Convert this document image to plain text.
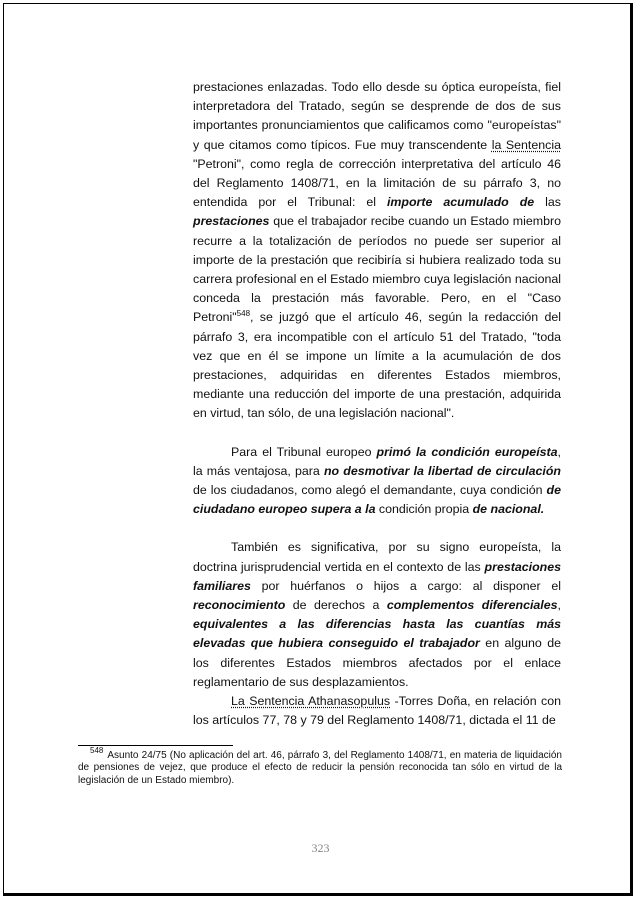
prestaciones enlazadas. Todo ello desde su óptica europeísta, fiel interpretadora del Tratado, según se desprende de dos de sus importantes pronunciamientos que calificamos como "europeístas" y que citamos como típicos. Fue muy transcendente la Sentencia "Petroni", como regla de corrección interpretativa del artículo 46 del Reglamento 1408/71, en la limitación de su párrafo 3, no entendida por el Tribunal: el importe acumulado de las prestaciones que el trabajador recibe cuando un Estado miembro recurre a la totalización de períodos no puede ser superior al importe de la prestación que recibiría si hubiera realizado toda su carrera profesional en el Estado miembro cuya legislación nacional conceda la prestación más favorable. Pero, en el "Caso Petroni"$^{548}$, se juzgó que el artículo 46, según la redacción del párrafo 3, era incompatible con el artículo 51 del Tratado, "toda vez que en él se impone un límite a la acumulación de dos prestaciones, adquiridas en diferentes Estados miembros, mediante una reducción del importe de una prestación, adquirida en virtud, tan sólo, de una legislación nacional".

Para el Tribunal europeo primó la condición europeísta, la más ventajosa, para no desmotivar la libertad de circulación de los ciudadanos, como alegó el demandante, cuya condición de ciudadano europeo supera a la condición propia de nacional.

También es significativa, por su signo europeísta, la doctrina jurisprudencial vertida en el contexto de las prestaciones familiares por huérfanos o hijos a cargo: al disponer el reconocimiento de derechos a complementos diferenciales, equivalentes a las diferencias hasta las cuantías más elevadas que hubiera conseguido el trabajador en alguno de los diferentes Estados miembros afectados por el enlace reglamentario de sus desplazamientos.

La Sentencia Athanasopulus -Torres Doña, en relación con los artículos 77, 78 y 79 del Reglamento 1408/71, dictada el 11 de

$^{548}$ Asunto 24/75 (No aplicación del art. 46, párrafo 3, del Reglamento 1408/71, en materia de liquidación de pensiones de vejez, que produce el efecto de reducir la pensión reconocida tan sólo en virtud de la legislación de un Estado miembro).

323
